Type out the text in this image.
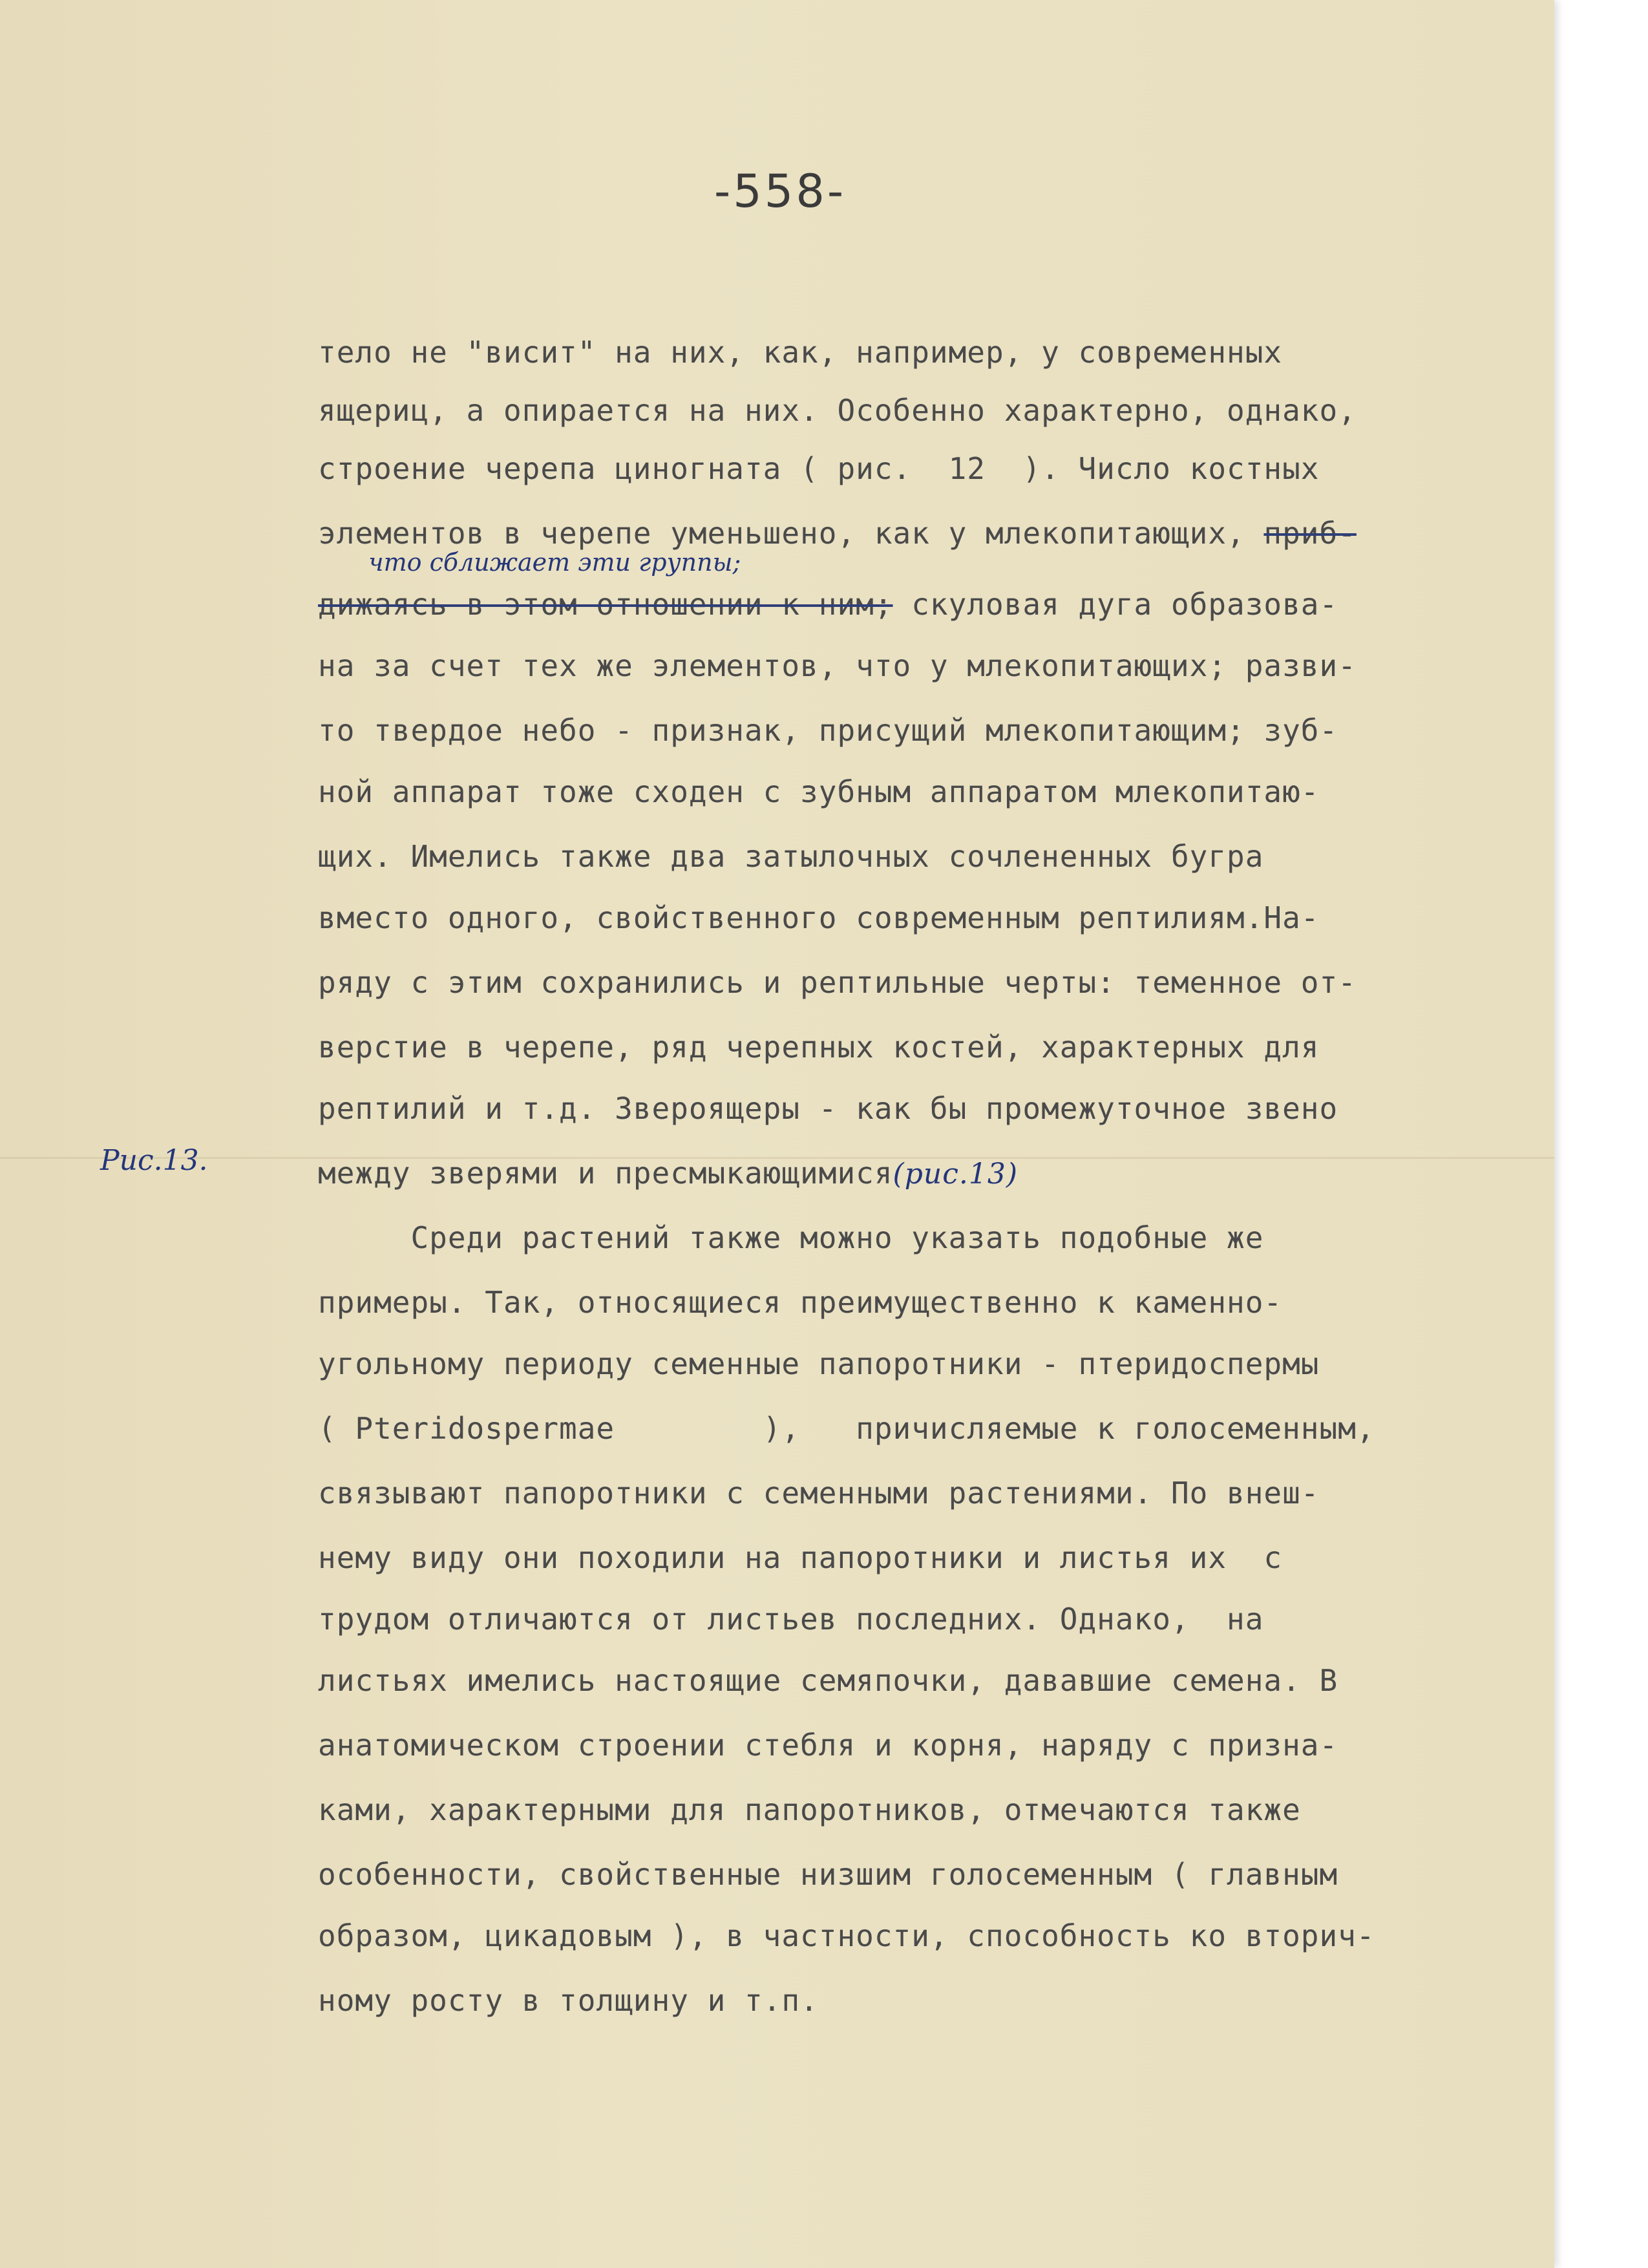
-558-
Рис.13.
тело не "висит" на них, как, например, у современных
ящериц, а опирается на них. Особенно характерно, однако,
строение черепа циногната ( рис.  12  ). Число костных
элементов в черепе уменьшено, как у млекопитающих, приб-
что сближает эти группы;
дижаясь в этом отношении к ним; скуловая дуга образова-
на за счет тех же элементов, что у млекопитающих; разви-
то твердое небо - признак, присущий млекопитающим; зуб-
ной аппарат тоже сходен с зубным аппаратом млекопитаю-
щих. Имелись также два затылочных сочлененных бугра
вместо одного, свойственного современным рептилиям.На-
ряду с этим сохранились и рептильные черты: теменное от-
верстие в черепе, ряд черепных костей, характерных для
рептилий и т.д. Звероящеры - как бы промежуточное звено
между зверями и пресмыкающимися(рис.13)
Среди растений также можно указать подобные же
примеры. Так, относящиеся преимущественно к каменно-
угольному периоду семенные папоротники - птеридоспермы
( Pteridospermae        ),   причисляемые к голосеменным,
связывают папоротники с семенными растениями. По внеш-
нему виду они походили на папоротники и листья их  с
трудом отличаются от листьев последних. Однако,  на
листьях имелись настоящие семяпочки, дававшие семена. В
анатомическом строении стебля и корня, наряду с призна-
ками, характерными для папоротников, отмечаются также
особенности, свойственные низшим голосеменным ( главным
образом, цикадовым ), в частности, способность ко вторич-
ному росту в толщину и т.п.
